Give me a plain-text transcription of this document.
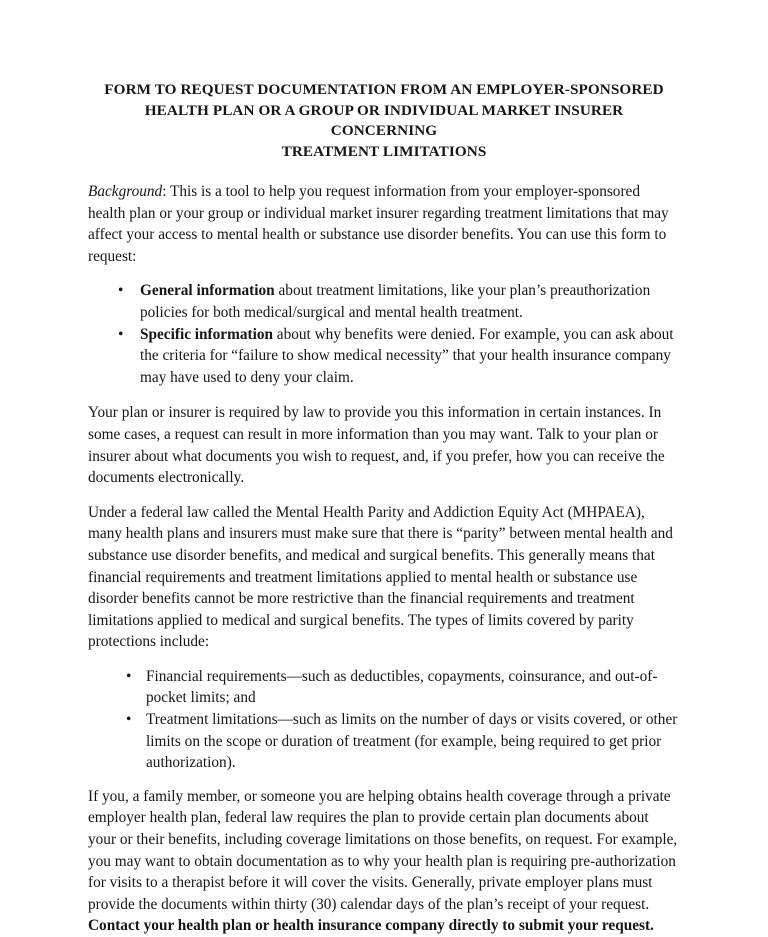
FORM TO REQUEST DOCUMENTATION FROM AN EMPLOYER-SPONSORED
HEALTH PLAN OR A GROUP OR INDIVIDUAL MARKET INSURER CONCERNING
TREATMENT LIMITATIONS

Background: This is a tool to help you request information from your employer-sponsored health plan or your group or individual market insurer regarding treatment limitations that may affect your access to mental health or substance use disorder benefits. You can use this form to request:

• General information about treatment limitations, like your plan’s preauthorization policies for both medical/surgical and mental health treatment.
• Specific information about why benefits were denied. For example, you can ask about the criteria for “failure to show medical necessity” that your health insurance company may have used to deny your claim.

Your plan or insurer is required by law to provide you this information in certain instances. In some cases, a request can result in more information than you may want. Talk to your plan or insurer about what documents you wish to request, and, if you prefer, how you can receive the documents electronically.

Under a federal law called the Mental Health Parity and Addiction Equity Act (MHPAEA), many health plans and insurers must make sure that there is “parity” between mental health and substance use disorder benefits, and medical and surgical benefits. This generally means that financial requirements and treatment limitations applied to mental health or substance use disorder benefits cannot be more restrictive than the financial requirements and treatment limitations applied to medical and surgical benefits. The types of limits covered by parity protections include:

• Financial requirements—such as deductibles, copayments, coinsurance, and out-of-pocket limits; and
• Treatment limitations—such as limits on the number of days or visits covered, or other limits on the scope or duration of treatment (for example, being required to get prior authorization).

If you, a family member, or someone you are helping obtains health coverage through a private employer health plan, federal law requires the plan to provide certain plan documents about your or their benefits, including coverage limitations on those benefits, on request. For example, you may want to obtain documentation as to why your health plan is requiring pre-authorization for visits to a therapist before it will cover the visits. Generally, private employer plans must provide the documents within thirty (30) calendar days of the plan’s receipt of your request. Contact your health plan or health insurance company directly to submit your request.
